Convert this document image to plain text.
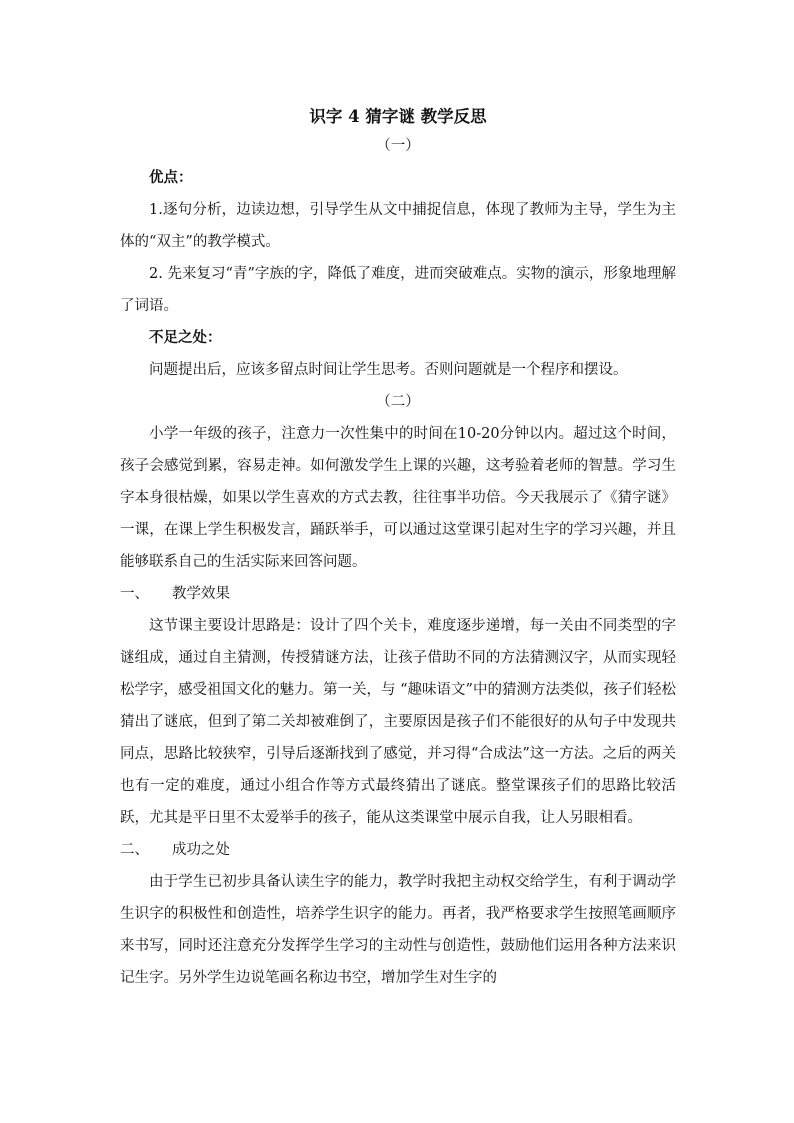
识字 4 猜字谜 教学反思
（一）
优点：

1.逐句分析，边读边想，引导学生从文中捕捉信息，体现了教师为主导，学生为主体的“双主”的教学模式。

2. 先来复习“青”字族的字，降低了难度，进而突破难点。实物的演示，形象地理解了词语。

不足之处：

问题提出后，应该多留点时间让学生思考。否则问题就是一个程序和摆设。

（二）

小学一年级的孩子，注意力一次性集中的时间在10-20分钟以内。超过这个时间，孩子会感觉到累，容易走神。如何激发学生上课的兴趣，这考验着老师的智慧。学习生字本身很枯燥，如果以学生喜欢的方式去教，往往事半功倍。今天我展示了《猜字谜》一课，在课上学生积极发言，踊跃举手，可以通过这堂课引起对生字的学习兴趣，并且能够联系自己的生活实际来回答问题。

一、 教学效果

这节课主要设计思路是：设计了四个关卡，难度逐步递增，每一关由不同类型的字谜组成，通过自主猜测，传授猜谜方法，让孩子借助不同的方法猜测汉字，从而实现轻松学字，感受祖国文化的魅力。第一关，与 “趣味语文”中的猜测方法类似，孩子们轻松猜出了谜底，但到了第二关却被难倒了，主要原因是孩子们不能很好的从句子中发现共同点，思路比较狭窄，引导后逐渐找到了感觉，并习得“合成法”这一方法。之后的两关也有一定的难度，通过小组合作等方式最终猜出了谜底。整堂课孩子们的思路比较活跃，尤其是平日里不太爱举手的孩子，能从这类课堂中展示自我，让人另眼相看。

二、 成功之处

由于学生已初步具备认读生字的能力，教学时我把主动权交给学生，有利于调动学生识字的积极性和创造性，培养学生识字的能力。再者，我严格要求学生按照笔画顺序来书写，同时还注意充分发挥学生学习的主动性与创造性，鼓励他们运用各种方法来识记生字。另外学生边说笔画名称边书空，增加学生对生字的
